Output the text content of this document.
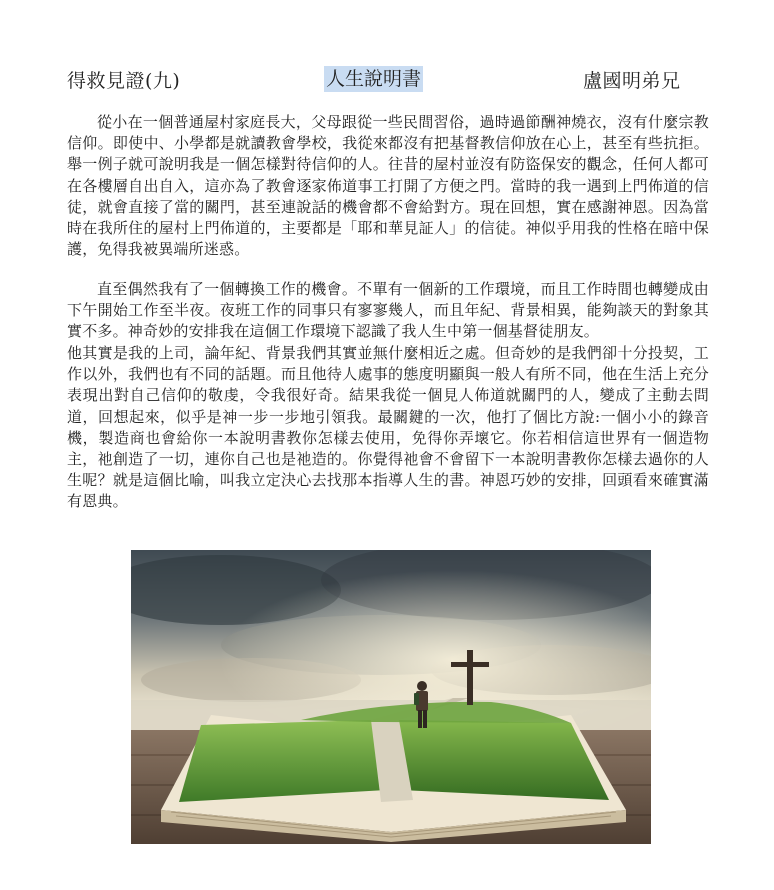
得救見證(九)	人生說明書	盧國明弟兄

從小在一個普通屋村家庭長大，父母跟從一些民間習俗，過時過節酬神燒衣，沒有什麼宗教信仰。即使中、小學都是就讀教會學校，我從來都沒有把基督教信仰放在心上，甚至有些抗拒。舉一例子就可說明我是一個怎樣對待信仰的人。往昔的屋村並沒有防盜保安的觀念，任何人都可在各樓層自出自入，這亦為了教會逐家佈道事工打開了方便之門。當時的我一遇到上門佈道的信徒，就會直接了當的關門，甚至連說話的機會都不會給對方。現在回想，實在感謝神恩。因為當時在我所住的屋村上門佈道的，主要都是「耶和華見証人」的信徒。神似乎用我的性格在暗中保護，免得我被異端所迷惑。

直至偶然我有了一個轉換工作的機會。不單有一個新的工作環境，而且工作時間也轉變成由下午開始工作至半夜。夜班工作的同事只有寥寥幾人，而且年紀、背景相異，能夠談天的對象其實不多。神奇妙的安排我在這個工作環境下認識了我人生中第一個基督徒朋友。

他其實是我的上司，論年紀、背景我們其實並無什麼相近之處。但奇妙的是我們卻十分投契，工作以外，我們也有不同的話題。而且他待人處事的態度明顯與一般人有所不同，他在生活上充分表現出對自己信仰的敬虔，令我很好奇。結果我從一個見人佈道就關門的人，變成了主動去問道，回想起來，似乎是神一步一步地引領我。最關鍵的一次，他打了個比方說:一個小小的錄音機，製造商也會給你一本說明書教你怎樣去使用，免得你弄壞它。你若相信這世界有一個造物主，祂創造了一切，連你自己也是祂造的。你覺得祂會不會留下一本說明書教你怎樣去過你的人生呢？就是這個比喻，叫我立定決心去找那本指導人生的書。神恩巧妙的安排，回頭看來確實滿有恩典。
